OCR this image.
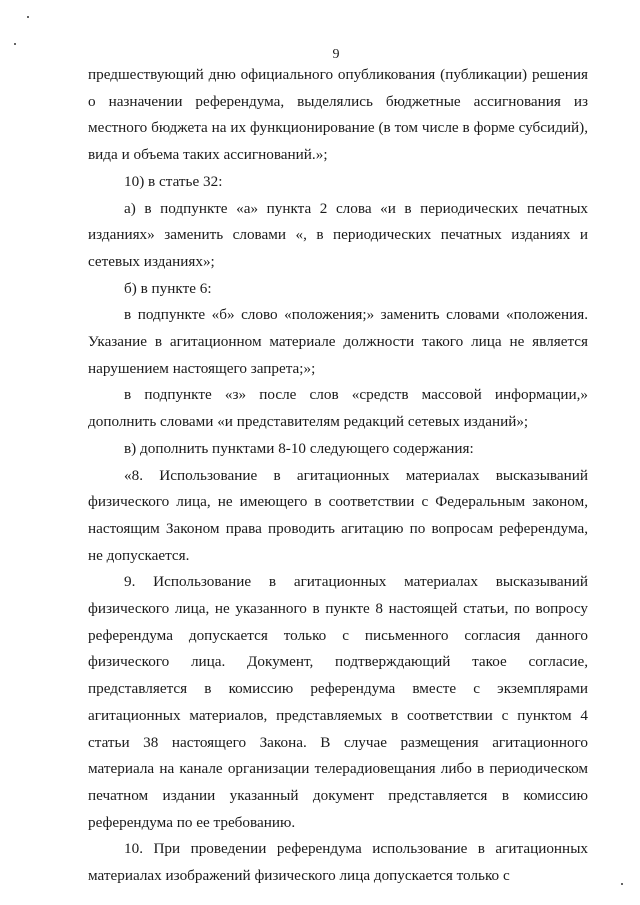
9

предшествующий дню официального опубликования (публикации) решения о назначении референдума, выделялись бюджетные ассигнования из местного бюджета на их функционирование (в том числе в форме субсидий), вида и объема таких ассигнований.»;

10) в статье 32:

а) в подпункте «а» пункта 2 слова «и в периодических печатных изданиях» заменить словами «, в периодических печатных изданиях и сетевых изданиях»;

б) в пункте 6:

в подпункте «б» слово «положения;» заменить словами «положения. Указание в агитационном материале должности такого лица не является нарушением настоящего запрета;»;

в подпункте «з» после слов «средств массовой информации,» дополнить словами «и представителям редакций сетевых изданий»;

в) дополнить пунктами 8-10 следующего содержания:

«8. Использование в агитационных материалах высказываний физического лица, не имеющего в соответствии с Федеральным законом, настоящим Законом права проводить агитацию по вопросам референдума, не допускается.

9. Использование в агитационных материалах высказываний физического лица, не указанного в пункте 8 настоящей статьи, по вопросу референдума допускается только с письменного согласия данного физического лица. Документ, подтверждающий такое согласие, представляется в комиссию референдума вместе с экземплярами агитационных материалов, представляемых в соответствии с пунктом 4 статьи 38 настоящего Закона. В случае размещения агитационного материала на канале организации телерадиовещания либо в периодическом печатном издании указанный документ представляется в комиссию референдума по ее требованию.

10. При проведении референдума использование в агитационных материалах изображений физического лица допускается только с
